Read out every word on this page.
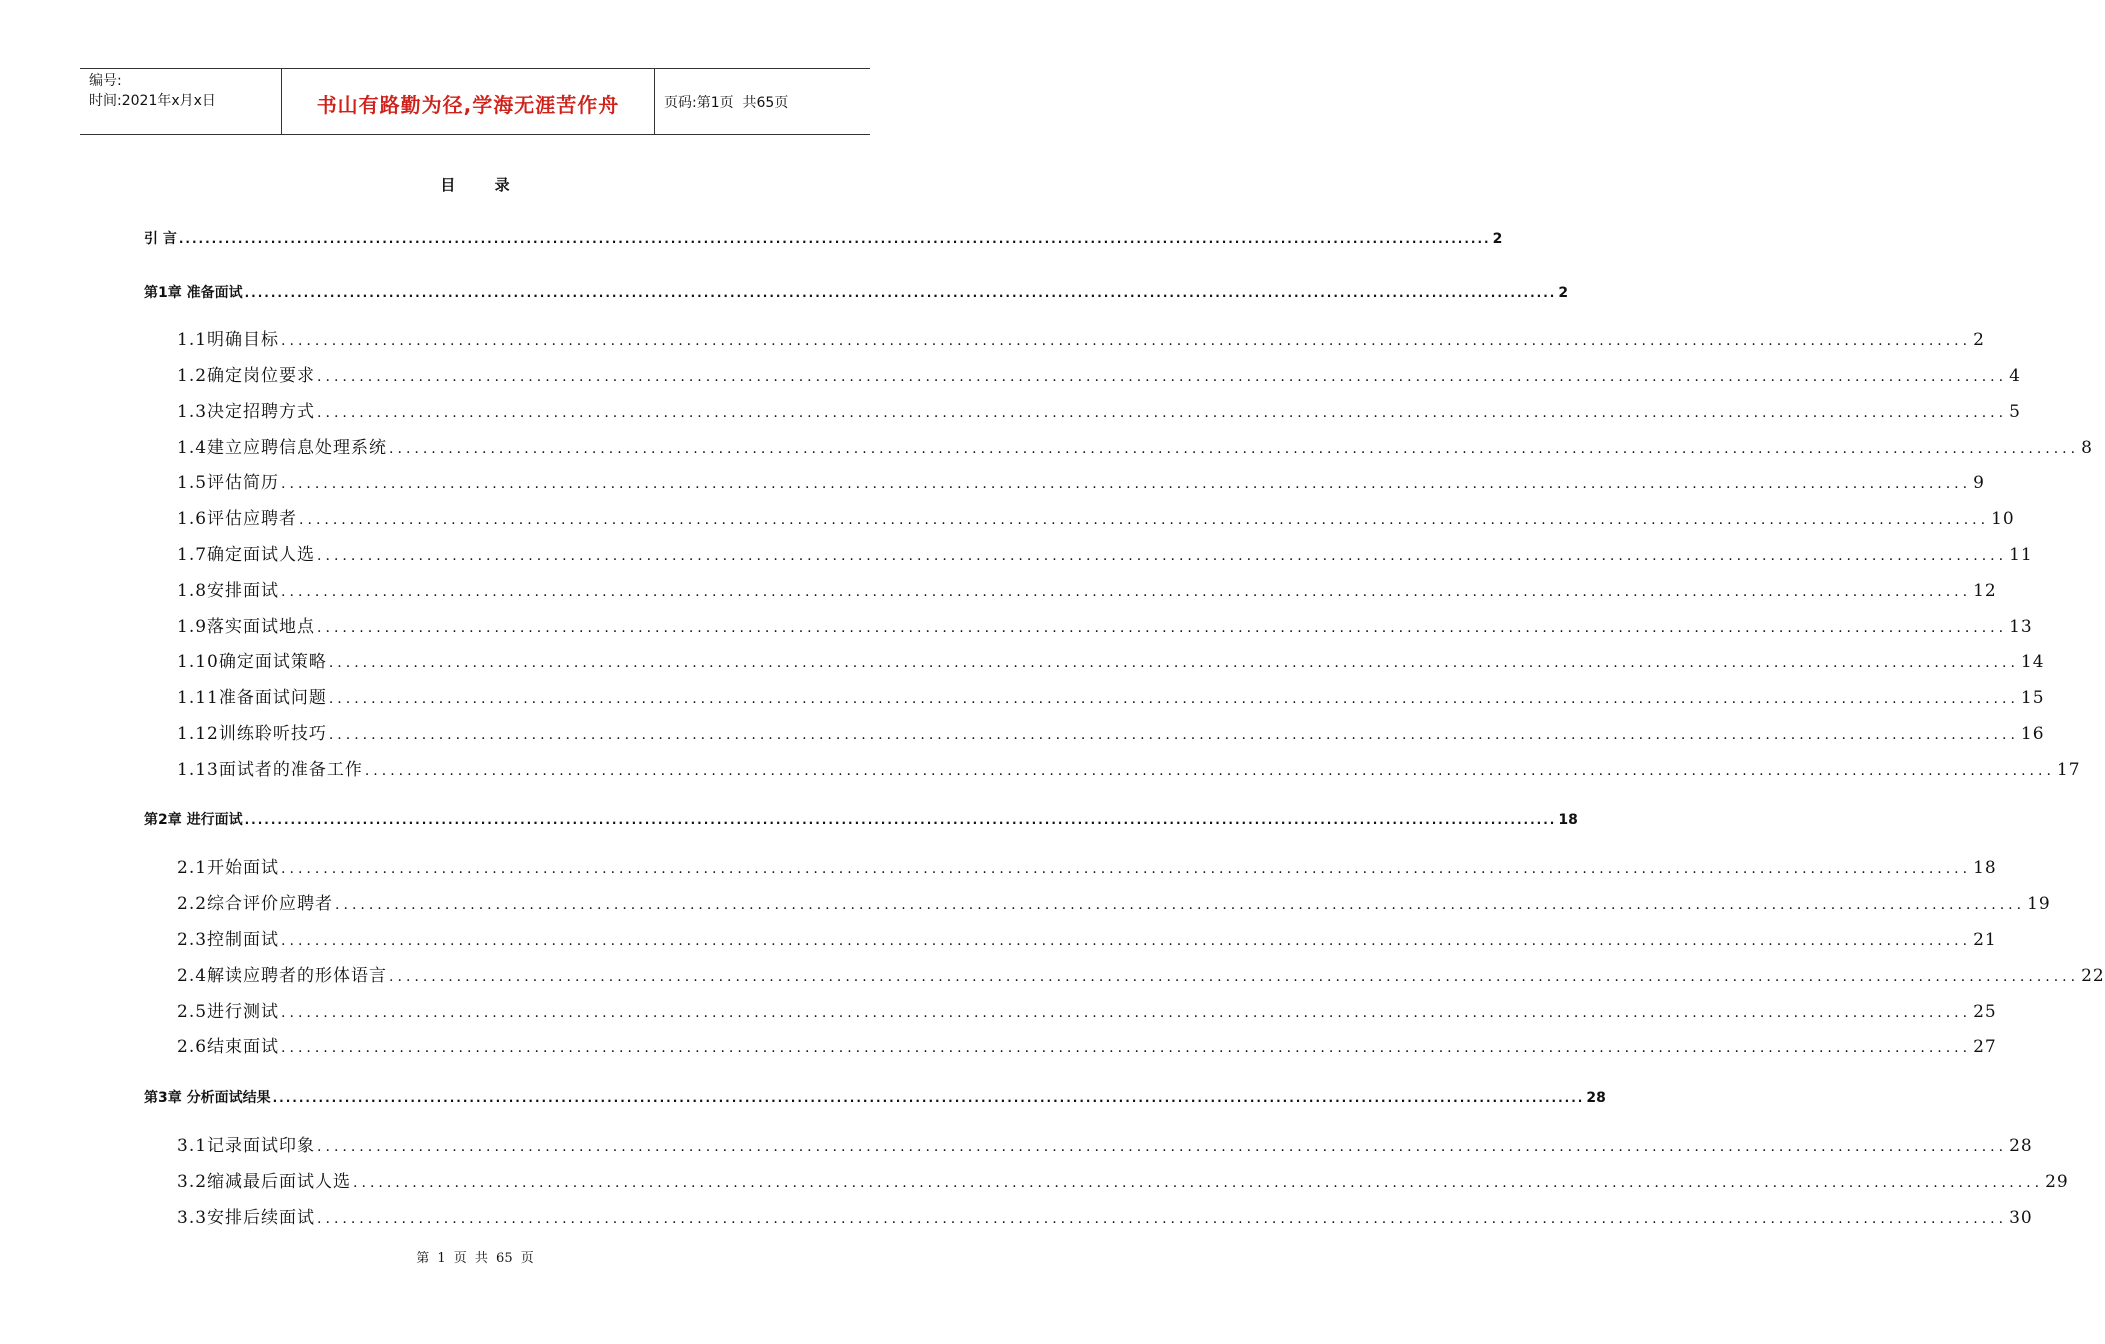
编号:
时间:2021年x月x日	书山有路勤为径,学海无涯苦作舟	页码:第1页  共65页
目 录
引 言 ........................................................................................................................................................................................................ 2
第1章 准备面试 ........................................................................................................................................................................................................ 2
1.1明确目标 ........................................................................................................................................................................................................ 2
1.2确定岗位要求 ........................................................................................................................................................................................................ 4
1.3决定招聘方式 ........................................................................................................................................................................................................ 5
1.4建立应聘信息处理系统 ........................................................................................................................................................................................................ 8
1.5评估简历 ........................................................................................................................................................................................................ 9
1.6评估应聘者 ........................................................................................................................................................................................................ 10
1.7确定面试人选 ........................................................................................................................................................................................................ 11
1.8安排面试 ........................................................................................................................................................................................................ 12
1.9落实面试地点 ........................................................................................................................................................................................................ 13
1.10确定面试策略 ........................................................................................................................................................................................................ 14
1.11准备面试问题 ........................................................................................................................................................................................................ 15
1.12训练聆听技巧 ........................................................................................................................................................................................................ 16
1.13面试者的准备工作 ........................................................................................................................................................................................................ 17
第2章 进行面试 ........................................................................................................................................................................................................ 18
2.1开始面试 ........................................................................................................................................................................................................ 18
2.2综合评价应聘者 ........................................................................................................................................................................................................ 19
2.3控制面试 ........................................................................................................................................................................................................ 21
2.4解读应聘者的形体语言 ........................................................................................................................................................................................................ 22
2.5进行测试 ........................................................................................................................................................................................................ 25
2.6结束面试 ........................................................................................................................................................................................................ 27
第3章 分析面试结果 ........................................................................................................................................................................................................ 28
3.1记录面试印象 ........................................................................................................................................................................................................ 28
3.2缩减最后面试人选 ........................................................................................................................................................................................................ 29
3.3安排后续面试 ........................................................................................................................................................................................................ 30
第 1 页 共 65 页
